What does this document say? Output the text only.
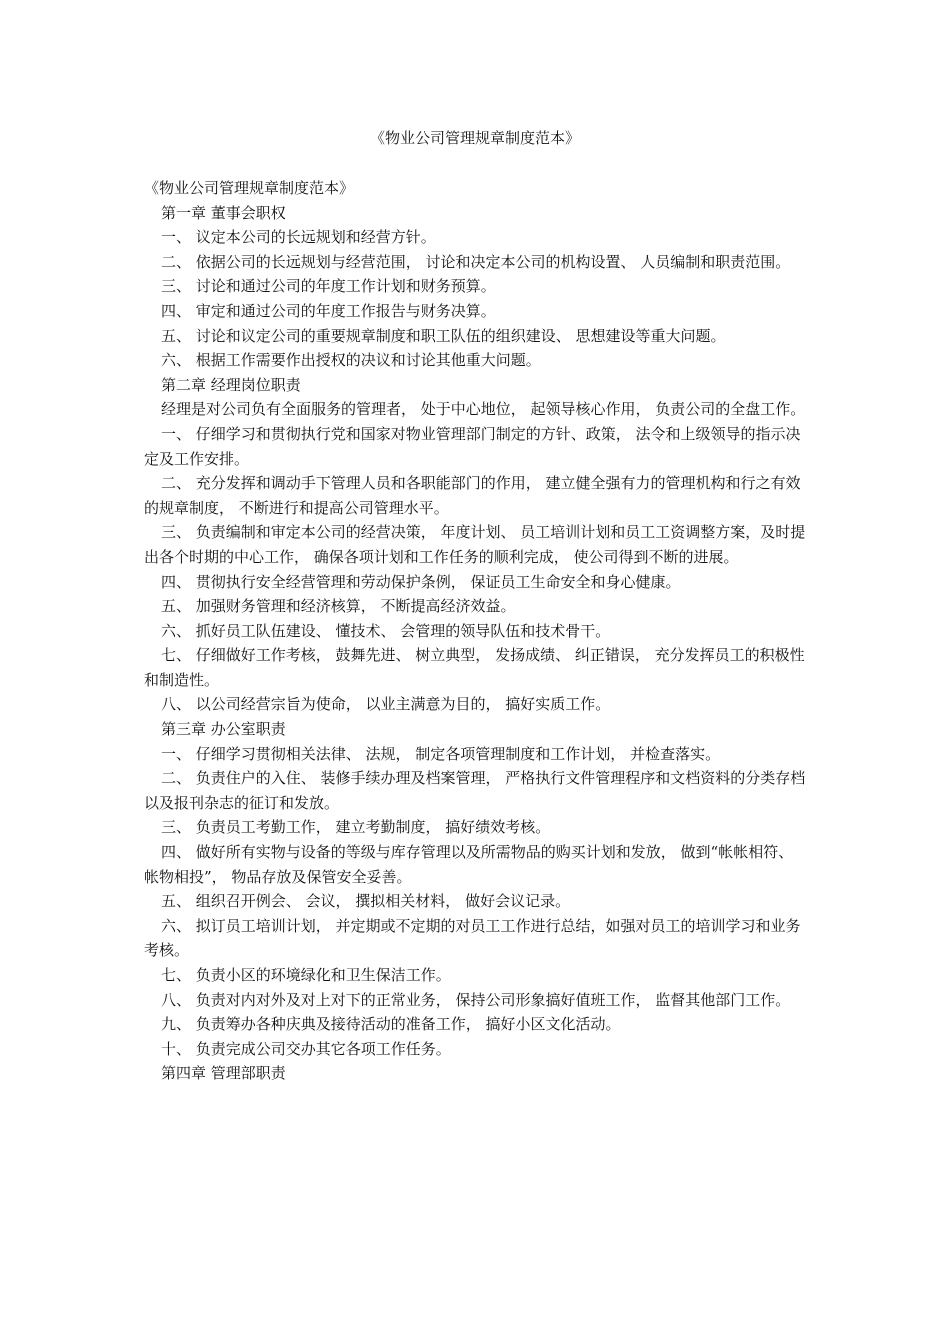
《物业公司管理规章制度范本》

《物业公司管理规章制度范本》

第一章 董事会职权

一、 议定本公司的长远规划和经营方针。

二、 依据公司的长远规划与经营范围， 讨论和决定本公司的机构设置、 人员编制和职责范围。

三、 讨论和通过公司的年度工作计划和财务预算。

四、 审定和通过公司的年度工作报告与财务决算。

五、 讨论和议定公司的重要规章制度和职工队伍的组织建设、 思想建设等重大问题。

六、 根据工作需要作出授权的决议和讨论其他重大问题。

第二章 经理岗位职责

经理是对公司负有全面服务的管理者， 处于中心地位， 起领导核心作用， 负责公司的全盘工作。

一、 仔细学习和贯彻执行党和国家对物业管理部门制定的方针、政策， 法令和上级领导的指示决定及工作安排。

二、 充分发挥和调动手下管理人员和各职能部门的作用， 建立健全强有力的管理机构和行之有效的规章制度， 不断进行和提高公司管理水平。

三、 负责编制和审定本公司的经营决策， 年度计划、 员工培训计划和员工工资调整方案，及时提出各个时期的中心工作， 确保各项计划和工作任务的顺利完成， 使公司得到不断的进展。

四、 贯彻执行安全经营管理和劳动保护条例， 保证员工生命安全和身心健康。

五、 加强财务管理和经济核算， 不断提高经济效益。

六、 抓好员工队伍建设、 懂技术、 会管理的领导队伍和技术骨干。

七、 仔细做好工作考核， 鼓舞先进、 树立典型， 发扬成绩、 纠正错误， 充分发挥员工的积极性和制造性。

八、 以公司经营宗旨为使命， 以业主满意为目的， 搞好实质工作。

第三章 办公室职责

一、 仔细学习贯彻相关法律、 法规， 制定各项管理制度和工作计划， 并检查落实。

二、 负责住户的入住、 装修手续办理及档案管理， 严格执行文件管理程序和文档资料的分类存档以及报刊杂志的征订和发放。

三、 负责员工考勤工作， 建立考勤制度， 搞好绩效考核。

四、 做好所有实物与设备的等级与库存管理以及所需物品的购买计划和发放， 做到“帐帐相符、 帐物相投”， 物品存放及保管安全妥善。

五、 组织召开例会、 会议， 撰拟相关材料， 做好会议记录。

六、 拟订员工培训计划， 并定期或不定期的对员工工作进行总结，如强对员工的培训学习和业务考核。

七、 负责小区的环境绿化和卫生保洁工作。

八、 负责对内对外及对上对下的正常业务， 保持公司形象搞好值班工作， 监督其他部门工作。

九、 负责筹办各种庆典及接待活动的准备工作， 搞好小区文化活动。

十、 负责完成公司交办其它各项工作任务。

第四章 管理部职责
